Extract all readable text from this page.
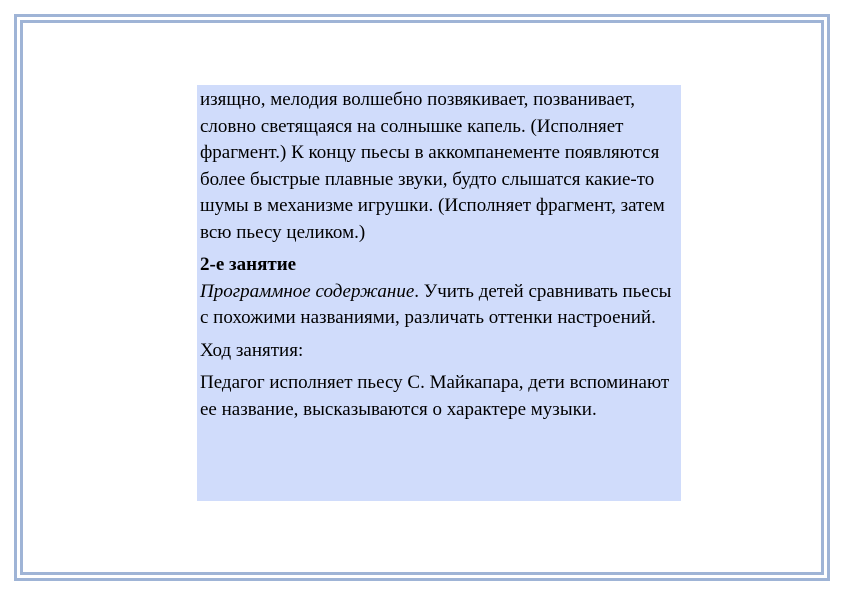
изящно, мелодия волшебно позвякивает, позванивает, словно светящаяся на солнышке капель. (Исполняет фрагмент.) К концу пьесы в аккомпанементе появляются более быстрые плавные звуки, будто слышатся какие-то шумы в механизме игрушки. (Исполняет фрагмент, затем всю пьесу целиком.)

2-е занятие

Программное содержание. Учить детей сравнивать пьесы с похожими названиями, различать оттенки настроений.

Ход занятия:

Педагог исполняет пьесу С. Майкапара, дети вспоминают ее название, высказываются о характере музыки.
